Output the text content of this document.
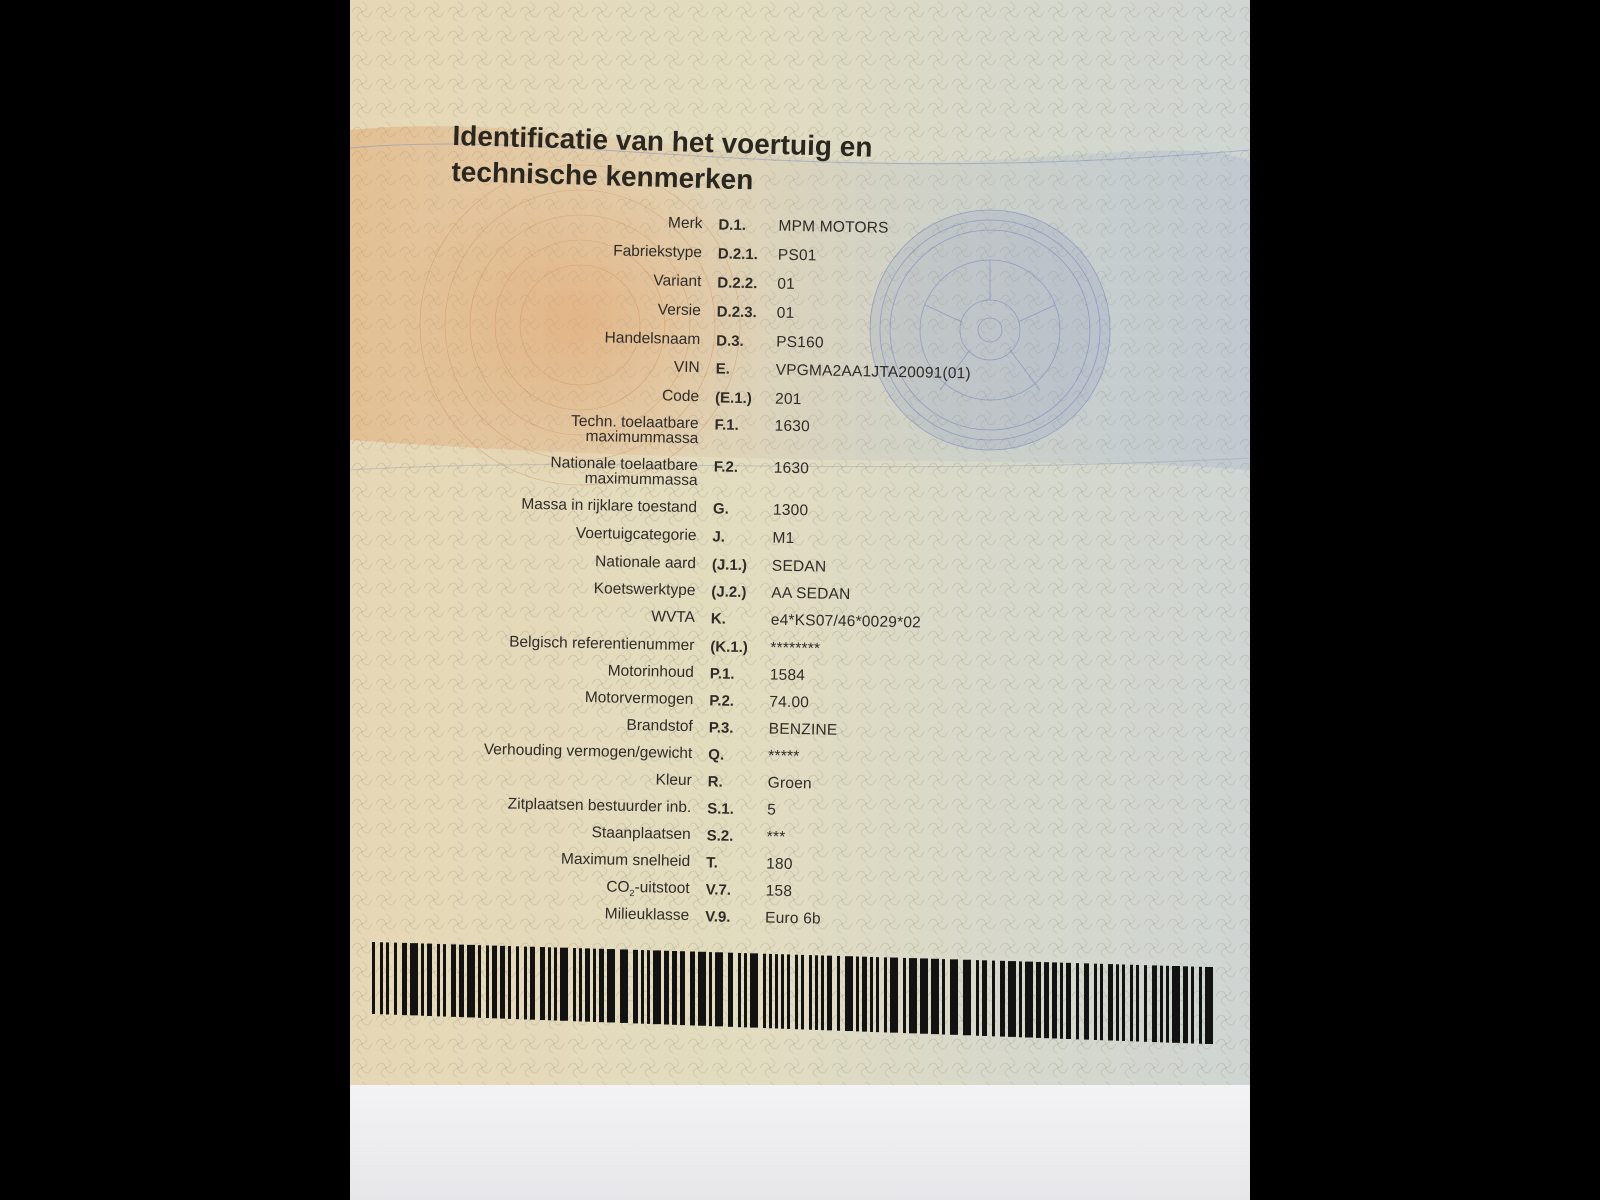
Identificatie van het voertuig en
technische kenmerken
Merk D.1. MPM MOTORS
Fabriekstype D.2.1. PS01
Variant D.2.2. 01
Versie D.2.3. 01
Handelsnaam D.3. PS160
VIN E.	VPGMA2AA1JTA20091(01)
Code (E.1.) 201
Techn. toelaatbare maximummassa
F.1. 1630
Nationale toelaatbare maximummassa
F.2. 1630
Massa in rijklare toestand G.	1300
Voertuigcategorie J.	M1
Nationale aard (J.1.) SEDAN
Koetswerktype (J.2.) AA SEDAN
WVTA K.	e4*KS07/46*0029*02
Belgisch referentienummer (K.1.) ********
Motorinhoud P.1. 1584
Motorvermogen P.2. 74.00
Brandstof P.3. BENZINE
Verhouding vermogen/gewicht Q.	*****
Kleur R.	Groen
Zitplaatsen bestuurder inb. S.1. 5
Staanplaatsen S.2. ***
Maximum snelheid T.	180
$CO_2$-uitstoot V.7. 158
Milieuklasse V.9. Euro 6b
